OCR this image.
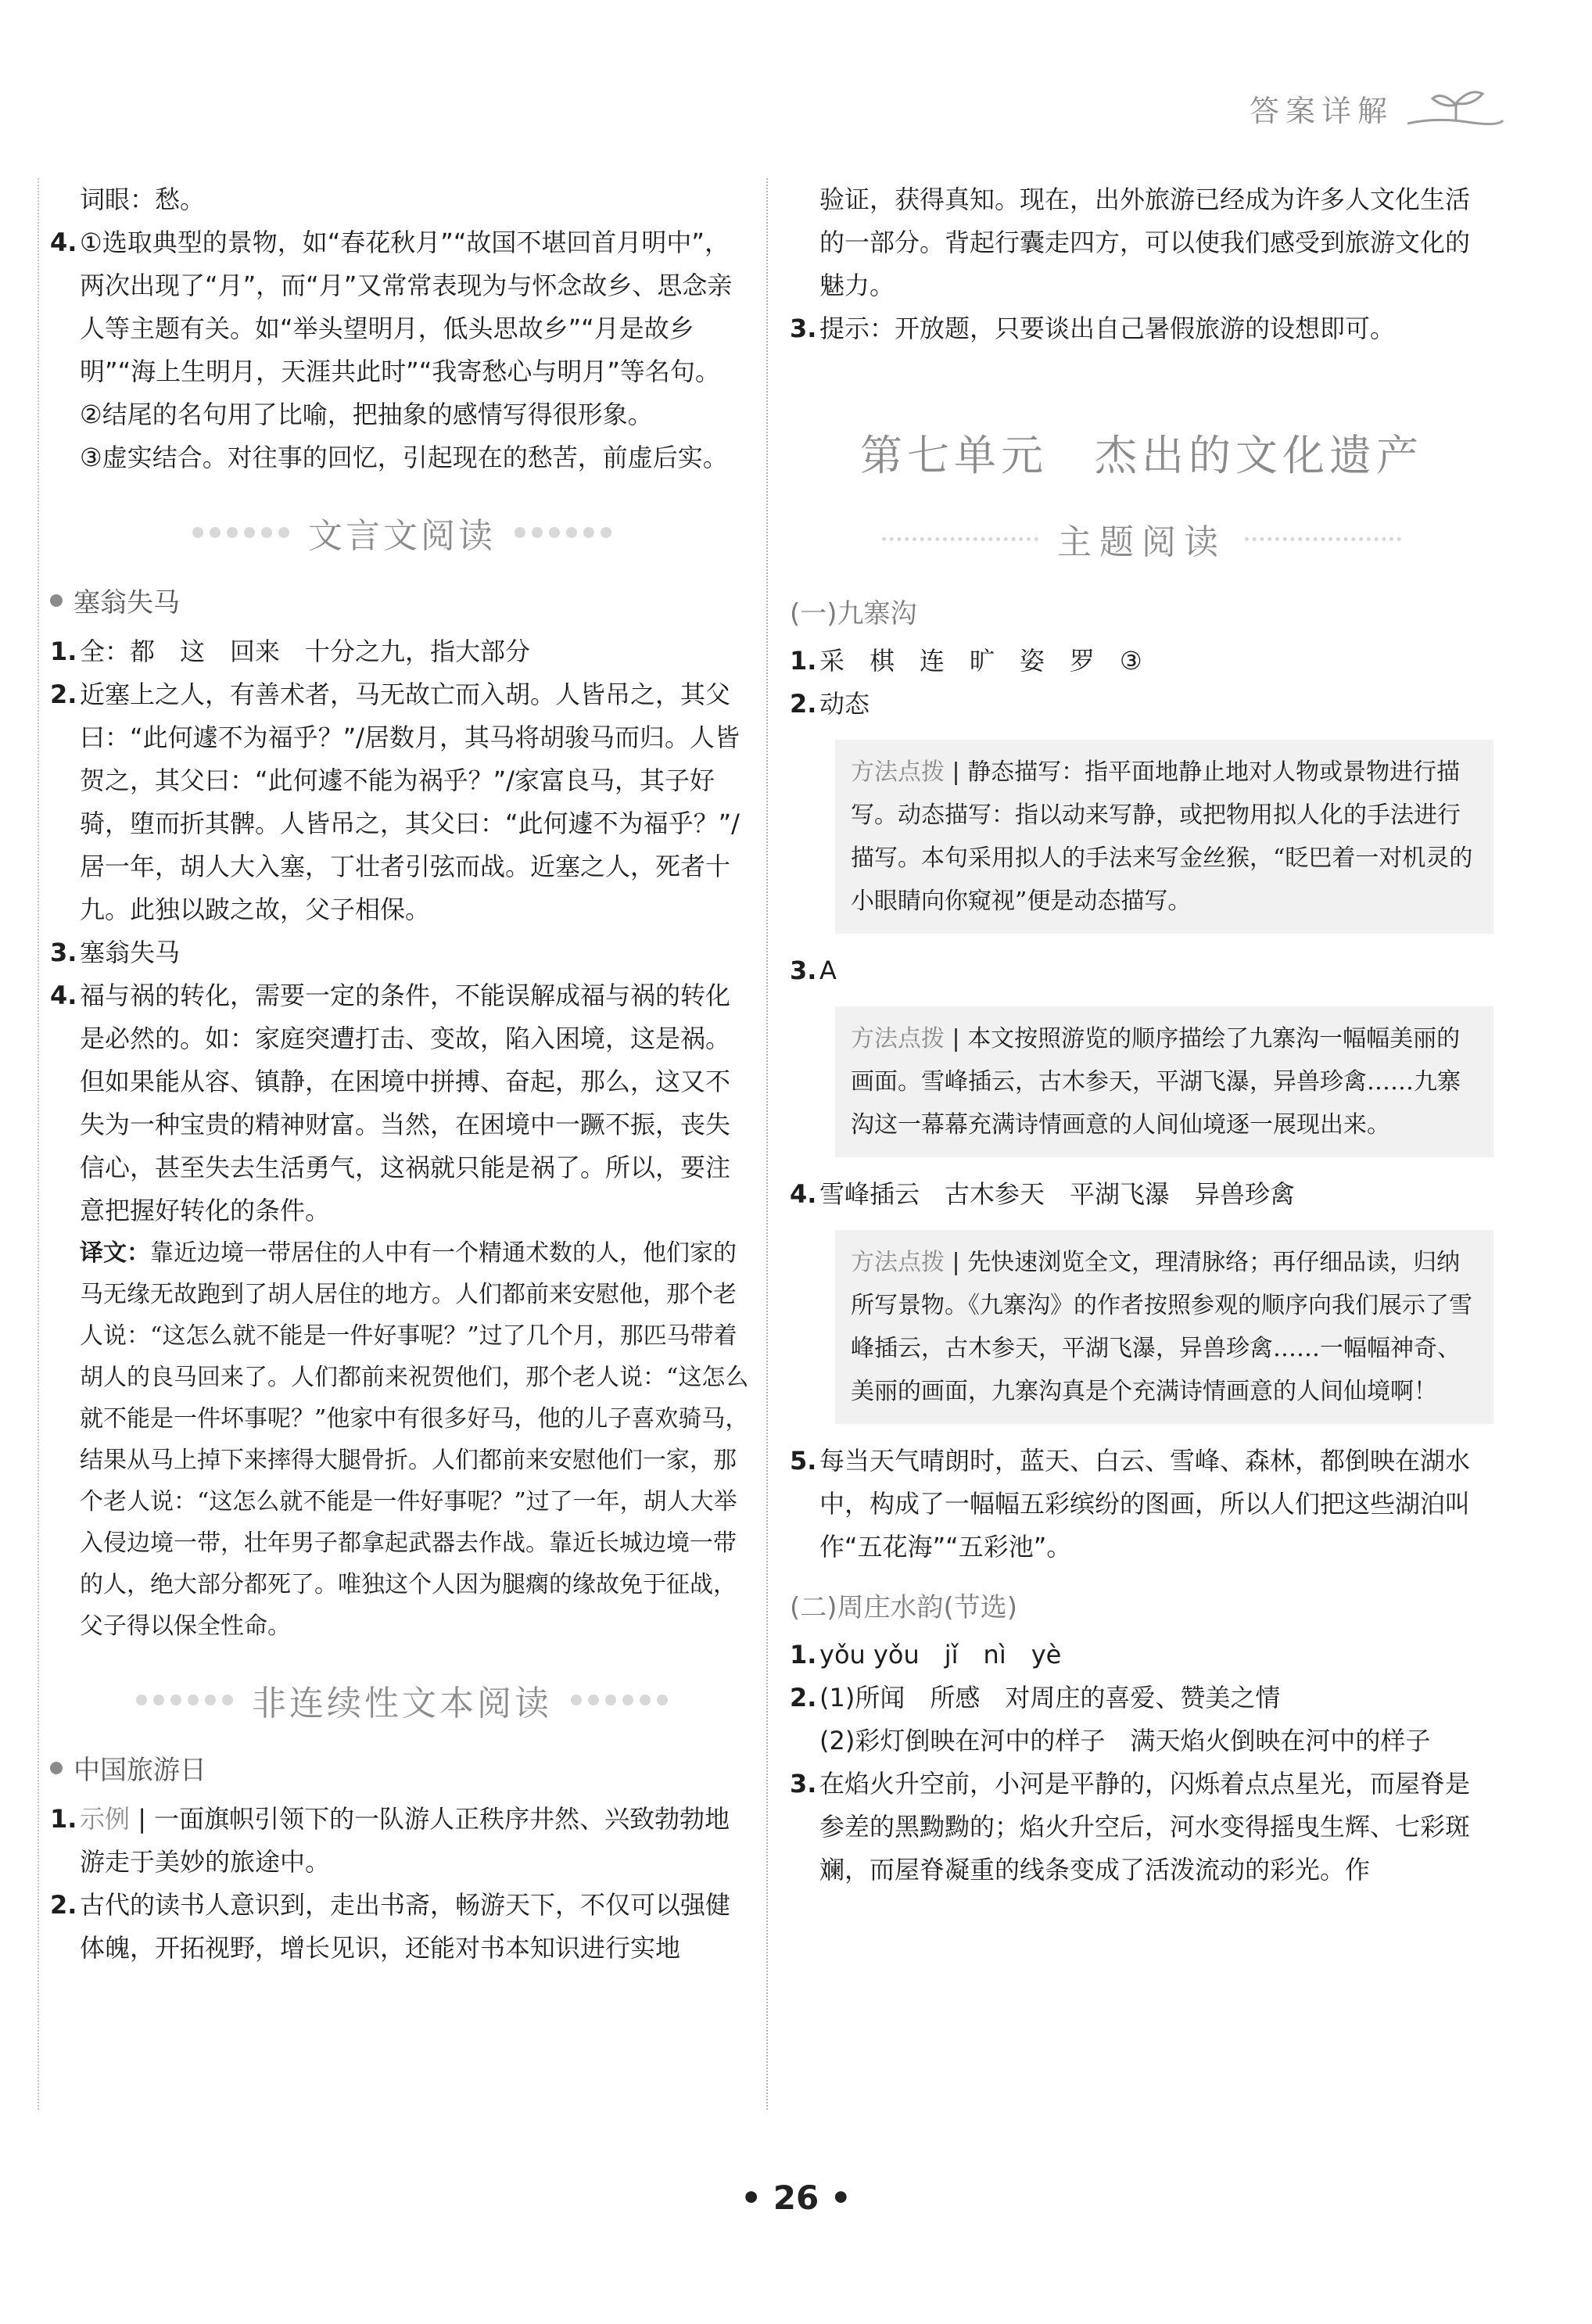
答案详解
词眼：愁。
4. ①选取典型的景物，如“春花秋月”“故国不堪回首月明中”，两次出现了“月”，而“月”又常常表现为与怀念故乡、思念亲人等主题有关。如“举头望明月，低头思故乡”“月是故乡明”“海上生明月，天涯共此时”“我寄愁心与明月”等名句。
②结尾的名句用了比喻，把抽象的感情写得很形象。
③虚实结合。对往事的回忆，引起现在的愁苦，前虚后实。
文言文阅读
塞翁失马
1. 全：都　这　回来　十分之九，指大部分
2. 近塞上之人，有善术者，马无故亡而入胡。人皆吊之，其父曰：“此何遽不为福乎？”/居数月，其马将胡骏马而归。人皆贺之，其父曰：“此何遽不能为祸乎？”/家富良马，其子好骑，堕而折其髀。人皆吊之，其父曰：“此何遽不为福乎？”/居一年，胡人大入塞，丁壮者引弦而战。近塞之人，死者十九。此独以跛之故，父子相保。
3. 塞翁失马
4. 福与祸的转化，需要一定的条件，不能误解成福与祸的转化是必然的。如：家庭突遭打击、变故，陷入困境，这是祸。但如果能从容、镇静，在困境中拼搏、奋起，那么，这又不失为一种宝贵的精神财富。当然，在困境中一蹶不振，丧失信心，甚至失去生活勇气，这祸就只能是祸了。所以，要注意把握好转化的条件。
译文：靠近边境一带居住的人中有一个精通术数的人，他们家的马无缘无故跑到了胡人居住的地方。人们都前来安慰他，那个老人说：“这怎么就不能是一件好事呢？”过了几个月，那匹马带着胡人的良马回来了。人们都前来祝贺他们，那个老人说：“这怎么就不能是一件坏事呢？”他家中有很多好马，他的儿子喜欢骑马，结果从马上掉下来摔得大腿骨折。人们都前来安慰他们一家，那个老人说：“这怎么就不能是一件好事呢？”过了一年，胡人大举入侵边境一带，壮年男子都拿起武器去作战。靠近长城边境一带的人，绝大部分都死了。唯独这个人因为腿瘸的缘故免于征战，父子得以保全性命。
非连续性文本阅读
中国旅游日
1. 示例 | 一面旗帜引领下的一队游人正秩序井然、兴致勃勃地游走于美妙的旅途中。
2. 古代的读书人意识到，走出书斋，畅游天下，不仅可以强健体魄，开拓视野，增长见识，还能对书本知识进行实地
验证，获得真知。现在，出外旅游已经成为许多人文化生活的一部分。背起行囊走四方，可以使我们感受到旅游文化的魅力。
3. 提示：开放题，只要谈出自己暑假旅游的设想即可。
第七单元　杰出的文化遗产
主题阅读
(一)九寨沟
1. 采　棋　连　旷　姿　罗　③
2. 动态
方法点拨 | 静态描写：指平面地静止地对人物或景物进行描写。动态描写：指以动来写静，或把物用拟人化的手法进行描写。本句采用拟人的手法来写金丝猴，“眨巴着一对机灵的小眼睛向你窥视”便是动态描写。
3. A
方法点拨 | 本文按照游览的顺序描绘了九寨沟一幅幅美丽的画面。雪峰插云，古木参天，平湖飞瀑，异兽珍禽……九寨沟这一幕幕充满诗情画意的人间仙境逐一展现出来。
4. 雪峰插云　古木参天　平湖飞瀑　异兽珍禽
方法点拨 | 先快速浏览全文，理清脉络；再仔细品读，归纳所写景物。《九寨沟》的作者按照参观的顺序向我们展示了雪峰插云，古木参天，平湖飞瀑，异兽珍禽……一幅幅神奇、美丽的画面，九寨沟真是个充满诗情画意的人间仙境啊！
5. 每当天气晴朗时，蓝天、白云、雪峰、森林，都倒映在湖水中，构成了一幅幅五彩缤纷的图画，所以人们把这些湖泊叫作“五花海”“五彩池”。
(二)周庄水韵(节选)
1. yǒu yǒu　jǐ　nì　yè
2. (1)所闻　所感　对周庄的喜爱、赞美之情
(2)彩灯倒映在河中的样子　满天焰火倒映在河中的样子
3. 在焰火升空前，小河是平静的，闪烁着点点星光，而屋脊是参差的黑黝黝的；焰火升空后，河水变得摇曳生辉、七彩斑斓，而屋脊凝重的线条变成了活泼流动的彩光。作
• 26 •
